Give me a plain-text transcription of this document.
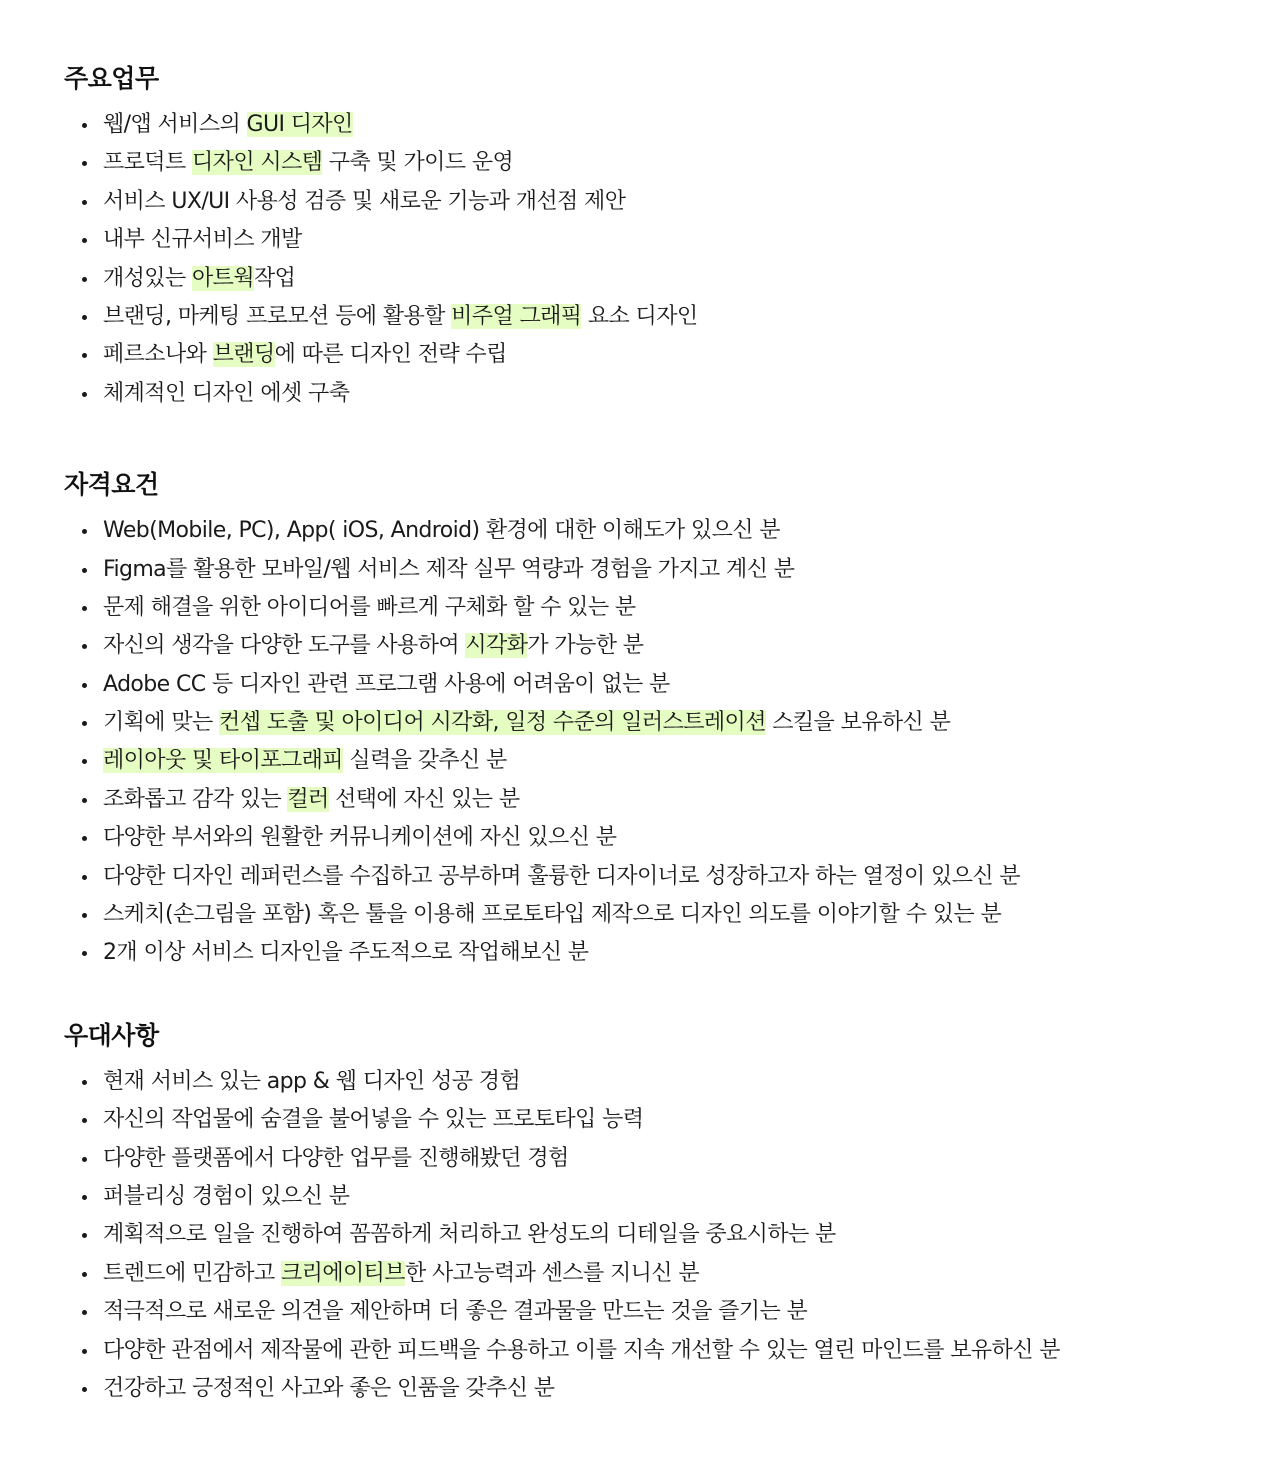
주요업무
웹/앱 서비스의 GUI 디자인
프로덕트 디자인 시스템 구축 및 가이드 운영
서비스 UX/UI 사용성 검증 및 새로운 기능과 개선점 제안
내부 신규서비스 개발
개성있는 아트웍작업
브랜딩, 마케팅 프로모션 등에 활용할 비주얼 그래픽 요소 디자인
페르소나와 브랜딩에 따른 디자인 전략 수립
체계적인 디자인 에셋 구축
자격요건
Web(Mobile, PC), App( iOS, Android) 환경에 대한 이해도가 있으신 분
Figma를 활용한 모바일/웹 서비스 제작 실무 역량과 경험을 가지고 계신 분
문제 해결을 위한 아이디어를 빠르게 구체화 할 수 있는 분
자신의 생각을 다양한 도구를 사용하여 시각화가 가능한 분
Adobe CC 등 디자인 관련 프로그램 사용에 어려움이 없는 분
기획에 맞는 컨셉 도출 및 아이디어 시각화, 일정 수준의 일러스트레이션 스킬을 보유하신 분
레이아웃 및 타이포그래피 실력을 갖추신 분
조화롭고 감각 있는 컬러 선택에 자신 있는 분
다양한 부서와의 원활한 커뮤니케이션에 자신 있으신 분
다양한 디자인 레퍼런스를 수집하고 공부하며 훌륭한 디자이너로 성장하고자 하는 열정이 있으신 분
스케치(손그림을 포함) 혹은 툴을 이용해 프로토타입 제작으로 디자인 의도를 이야기할 수 있는 분
2개 이상 서비스 디자인을 주도적으로 작업해보신 분
우대사항
현재 서비스 있는 app & 웹 디자인 성공 경험
자신의 작업물에 숨결을 불어넣을 수 있는 프로토타입 능력
다양한 플랫폼에서 다양한 업무를 진행해봤던 경험
퍼블리싱 경험이 있으신 분
계획적으로 일을 진행하여 꼼꼼하게 처리하고 완성도의 디테일을 중요시하는 분
트렌드에 민감하고 크리에이티브한 사고능력과 센스를 지니신 분
적극적으로 새로운 의견을 제안하며 더 좋은 결과물을 만드는 것을 즐기는 분
다양한 관점에서 제작물에 관한 피드백을 수용하고 이를 지속 개선할 수 있는 열린 마인드를 보유하신 분
건강하고 긍정적인 사고와 좋은 인품을 갖추신 분
